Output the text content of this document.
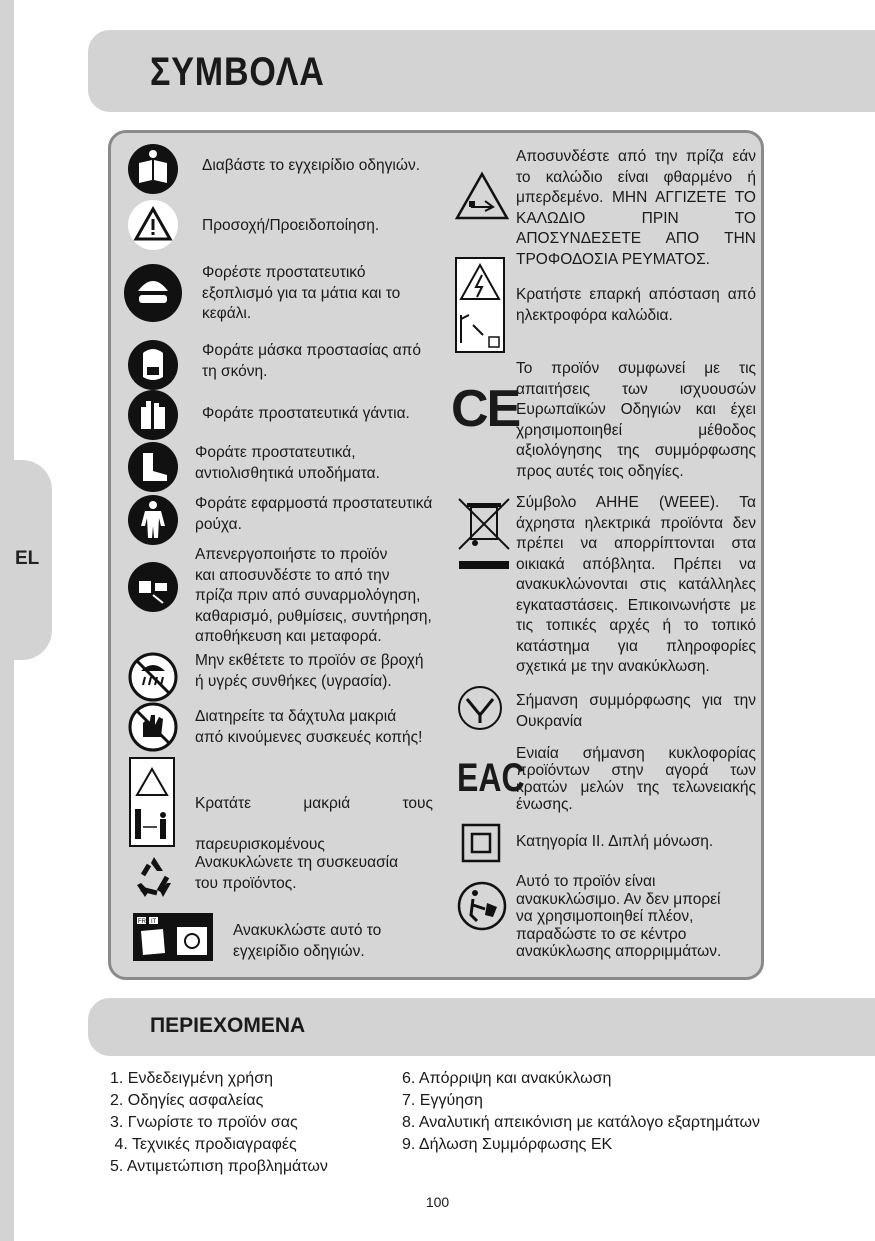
EL
ΣΥΜΒΟΛΑ
Διαβάστε το εγχειρίδιο οδηγιών.
Προσοχή/Προειδοποίηση.
Φορέστε προστατευτικό
εξοπλισμό για τα μάτια και το
κεφάλι.
Φοράτε μάσκα προστασίας από
τη σκόνη.
Φοράτε προστατευτικά γάντια.
Φοράτε προστατευτικά,
αντιολισθητικά υποδήματα.
Φοράτε εφαρμοστά προστατευτικά
ρούχα.
Απενεργοποιήστε το προϊόν
και αποσυνδέστε το από την
πρίζα πριν από συναρμολόγηση,
καθαρισμό, ρυθμίσεις, συντήρηση,
αποθήκευση και μεταφορά.
Μην εκθέτετε το προϊόν σε βροχή
ή υγρές συνθήκες (υγρασία).
Διατηρείτε τα δάχτυλα μακριά
από κινούμενες συσκευές κοπής!

Κρατάτε	μακριά	τους

παρευρισκομένους

Ανακυκλώνετε τη συσκευασία
του προϊόντος.
FR IT	Ανακυκλώστε αυτό το
εγχειρίδιο οδηγιών.
Αποσυνδέστε από την πρίζα εάν το καλώδιο είναι φθαρμένο ή μπερδεμένο. ΜΗΝ ΑΓΓΙΖΕΤΕ ΤΟ ΚΑΛΩΔΙΟ ΠΡΙΝ ΤΟ ΑΠΟΣΥΝΔΕΣΕΤΕ ΑΠΟ ΤΗΝ ΤΡΟΦΟΔΟΣΙΑ ΡΕΥΜΑΤΟΣ.
Κρατήστε επαρκή απόσταση από ηλεκτροφόρα καλώδια.
CE
Το προϊόν συμφωνεί με τις απαιτήσεις των ισχυουσών Ευρωπαϊκών Οδηγιών και έχει χρησιμοποιηθεί μέθοδος αξιολόγησης της συμμόρφωσης προς αυτές τοις οδηγίες.
Σύμβολο ΑΗΗΕ (WEEE). Τα άχρηστα ηλεκτρικά προϊόντα δεν πρέπει να απορρίπτονται στα οικιακά απόβλητα. Πρέπει να ανακυκλώνονται στις κατάλληλες εγκαταστάσεις. Επικοινωνήστε με τις τοπικές αρχές ή το τοπικό κατάστημα για πληροφορίες σχετικά με την ανακύκλωση.
Σήμανση συμμόρφωσης για την Ουκρανία
EAC
Ενιαία σήμανση κυκλοφορίας προϊόντων στην αγορά των κρατών μελών της τελωνειακής ένωσης.
Κατηγορία ΙΙ. Διπλή μόνωση.
Αυτό το προϊόν είναι
ανακυκλώσιμο. Αν δεν μπορεί
να χρησιμοποιηθεί πλέον,
παραδώστε το σε κέντρο
ανακύκλωσης απορριμμάτων.
ΠΕΡΙΕΧΟΜΕΝΑ
1. Ενδεδειγμένη χρήση
2. Οδηγίες ασφαλείας
3. Γνωρίστε το προϊόν σας
4. Τεχνικές προδιαγραφές
5. Αντιμετώπιση προβλημάτων
6. Απόρριψη και ανακύκλωση
7. Εγγύηση
8. Αναλυτική απεικόνιση με κατάλογο εξαρτημάτων
9. Δήλωση Συμμόρφωσης ΕΚ
100
